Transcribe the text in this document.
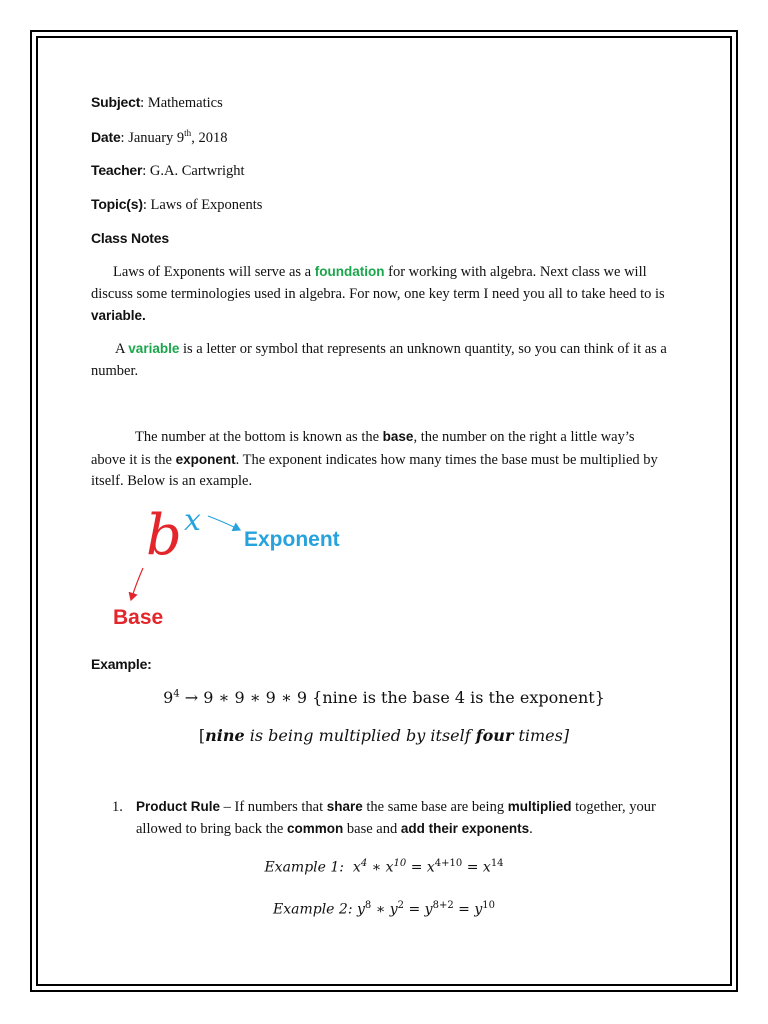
Subject: Mathematics
Date: January 9th, 2018
Teacher: G.A. Cartwright
Topic(s): Laws of Exponents
Class Notes
Laws of Exponents will serve as a foundation for working with algebra. Next class we will discuss some terminologies used in algebra. For now, one key term I need you all to take heed to is variable.
A variable is a letter or symbol that represents an unknown quantity, so you can think of it as a number.
The number at the bottom is known as the base, the number on the right a little way’s above it is the exponent. The exponent indicates how many times the base must be multiplied by itself. Below is an example.
b x
Exponent
Base
Example:
$9^4 \to 9$ ∗ 9 ∗ 9 ∗ 9 {nine is the base 4 is the exponent}
[nine is being multiplied by itself four times]
1. Product Rule – If numbers that share the same base are being multiplied together, your allowed to bring back the common base and add their exponents.
Example 1: $x^4$ ∗ $x^{10} = x^{4+10} = x^{14}$
Example 2: $y^8$ ∗ $y^2 = y^{8+2} = y^{10}$
